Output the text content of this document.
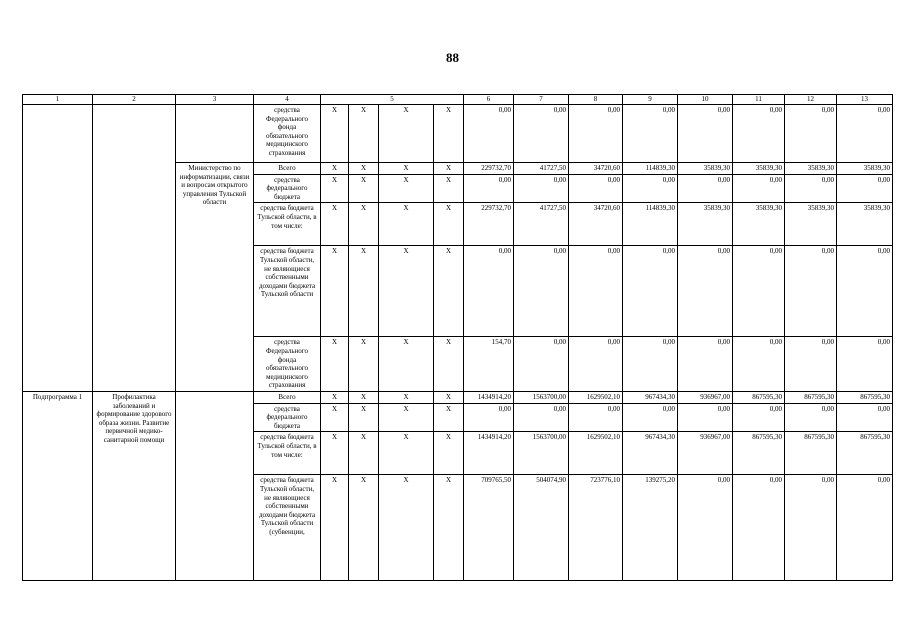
88
1	2	3	4	5				6	7	8	9	10	11	12	13
			средства Федерального фонда обязательного медицинского страхования	Х	Х	Х	Х	0,00	0,00	0,00	0,00	0,00	0,00	0,00	0,00
		Министерство по информатизации, связи и вопросам открытого управления Тульской области	Всего	Х	Х	Х	Х	229732,70	41727,50	34720,60	114839,30	35839,30	35839,30	35839,30	35839,30
			средства федерального бюджета	Х	Х	Х	Х	0,00	0,00	0,00	0,00	0,00	0,00	0,00	0,00
			средства бюджета Тульской области, в том числе:	Х	Х	Х	Х	229732,70	41727,50	34720,60	114839,30	35839,30	35839,30	35839,30	35839,30
			средства бюджета Тульской области, не являющиеся собственными доходами бюджета Тульской области	Х	Х	Х	Х	0,00	0,00	0,00	0,00	0,00	0,00	0,00	0,00
			средства Федерального фонда обязательного медицинского страхования	Х	Х	Х	Х	154,70	0,00	0,00	0,00	0,00	0,00	0,00	0,00
Подпрограмма 1	Профилактика заболеваний и формирование здорового образа жизни. Развитие первичной медико-санитарной помощи		Всего	Х	Х	Х	Х	1434914,20	1563700,00	1629502,10	967434,30	936967,00	867595,30	867595,30	867595,30
			средства федерального бюджета	Х	Х	Х	Х	0,00	0,00	0,00	0,00	0,00	0,00	0,00	0,00
			средства бюджета Тульской области, в том числе:	Х	Х	Х	Х	1434914,20	1563700,00	1629502,10	967434,30	936967,00	867595,30	867595,30	867595,30
			средства бюджета Тульской области, не являющиеся собственными доходами бюджета Тульской области (субвенции,	Х	Х	Х	Х	709765,50	504074,90	723776,10	139275,20	0,00	0,00	0,00	0,00
